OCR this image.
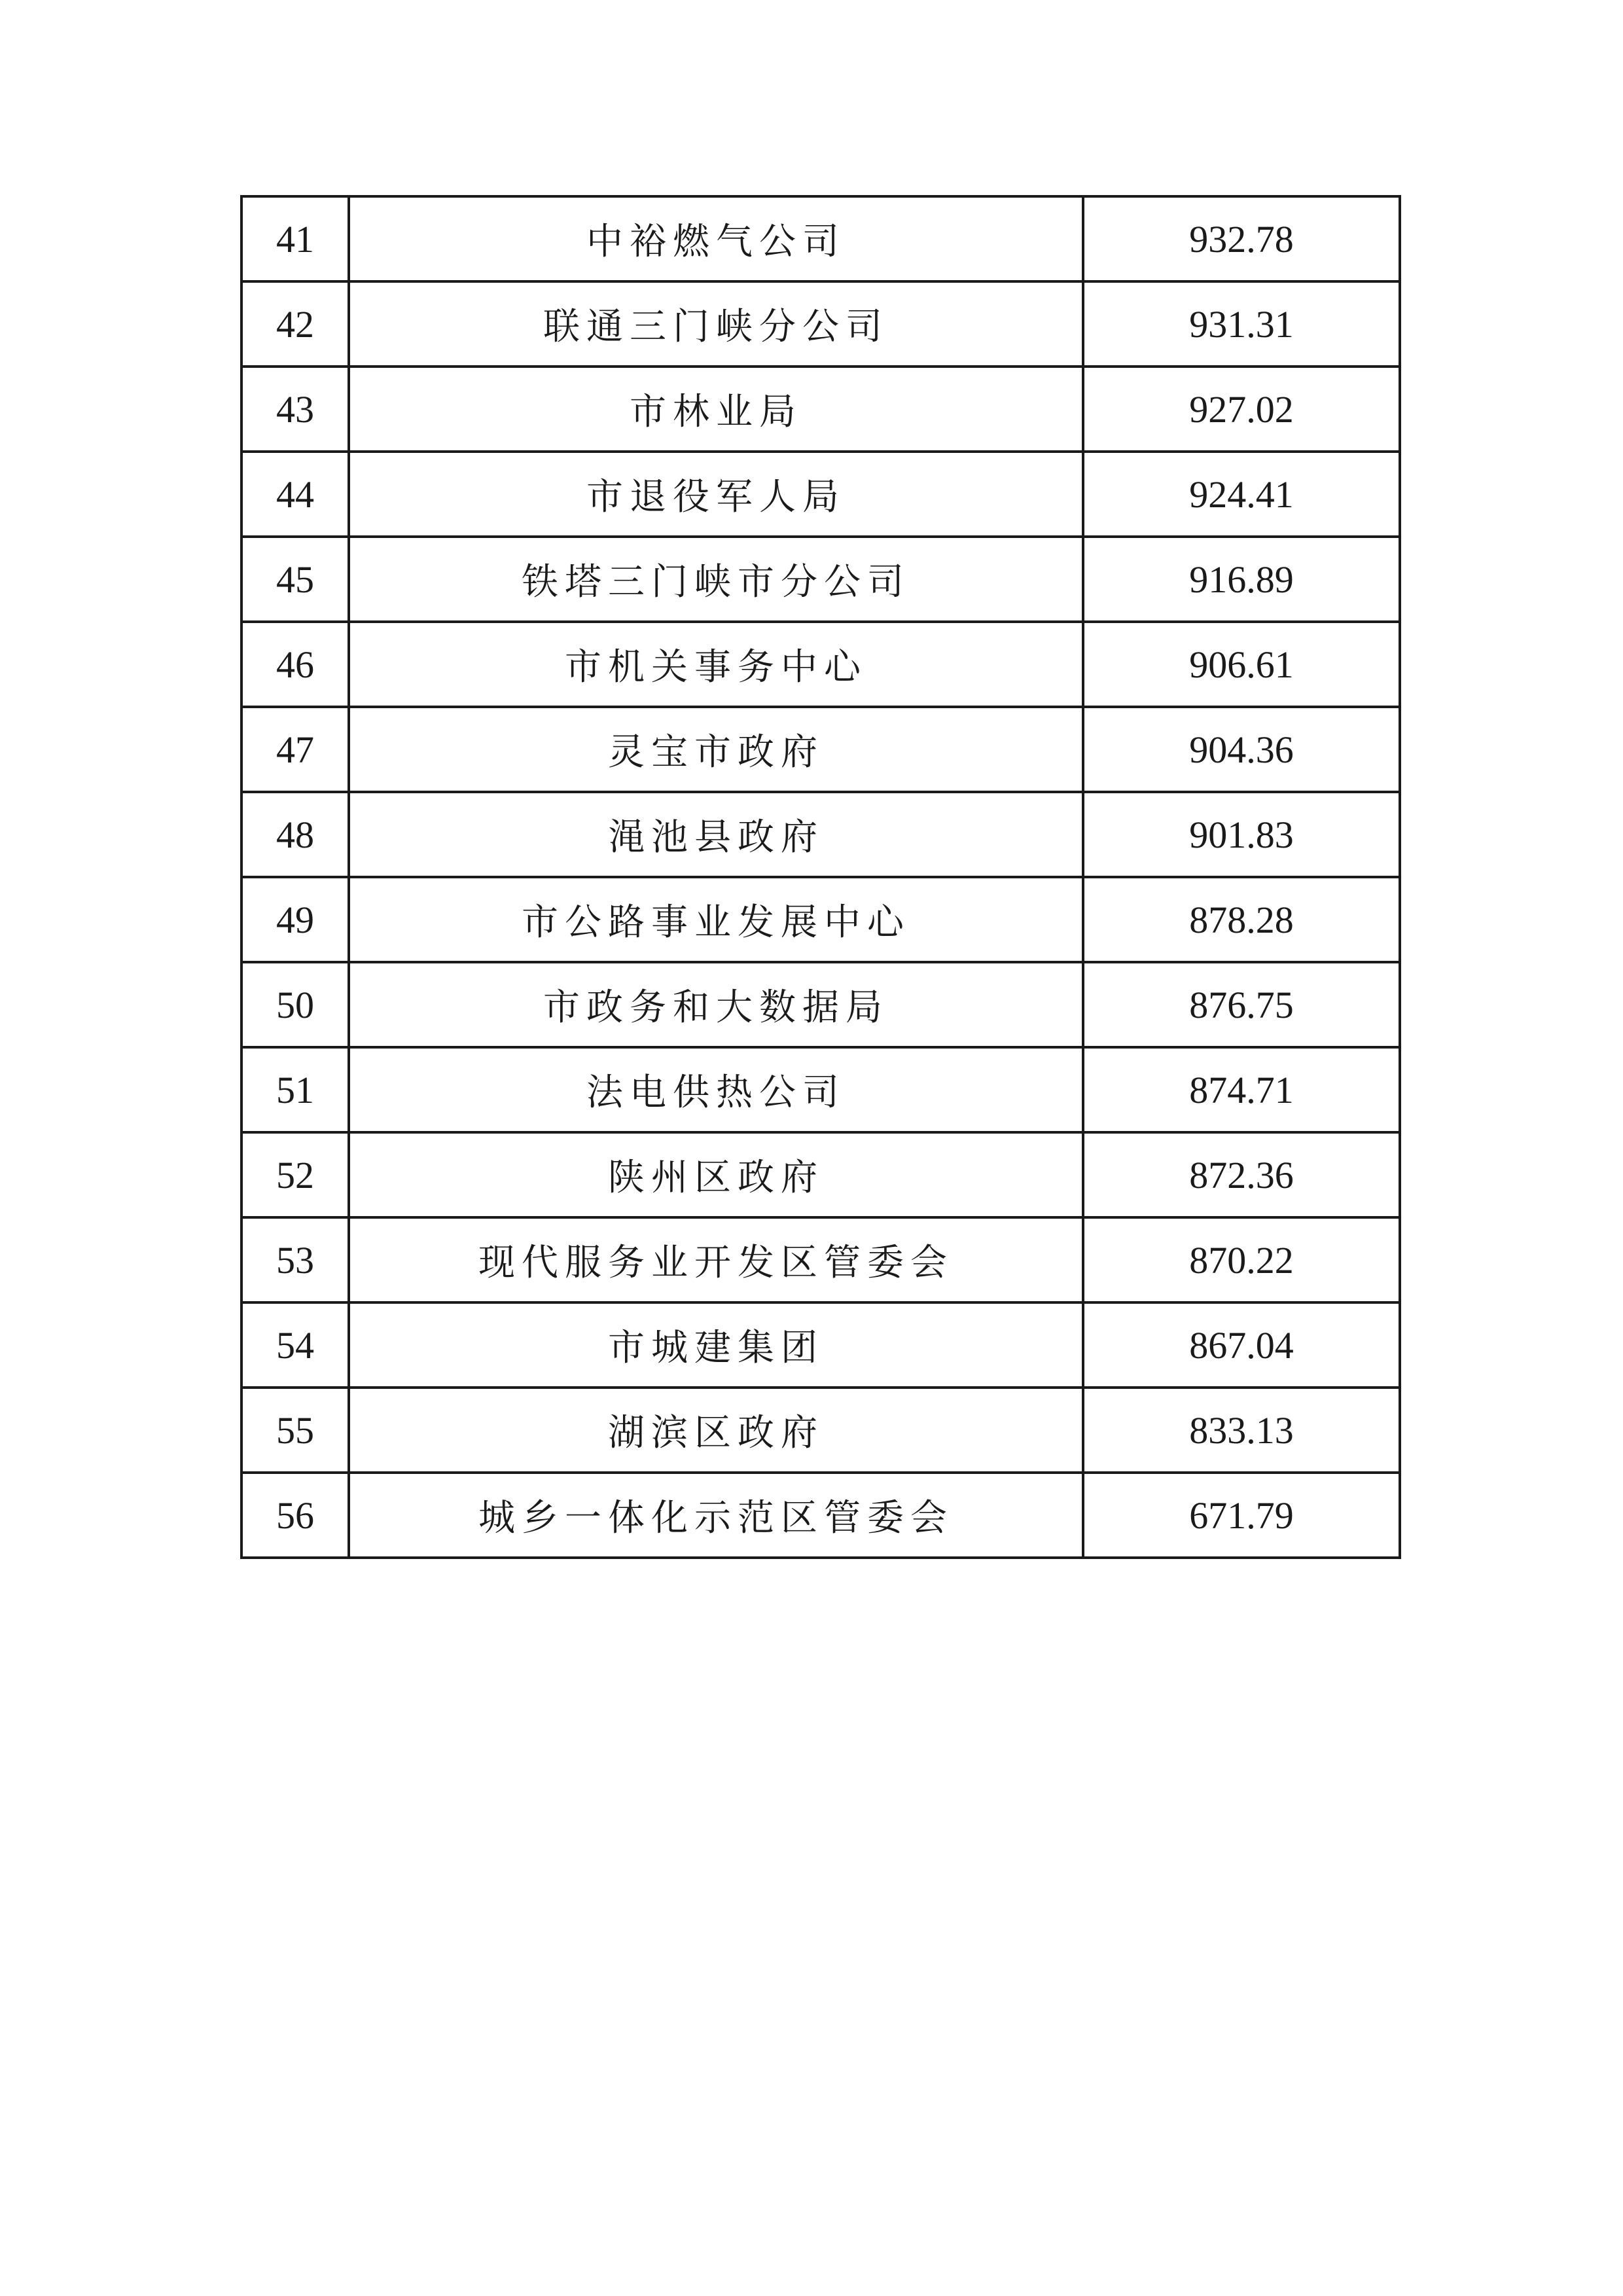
41	中裕燃气公司	932.78
42	联通三门峡分公司	931.31
43	市林业局	927.02
44	市退役军人局	924.41
45	铁塔三门峡市分公司	916.89
46	市机关事务中心	906.61
47	灵宝市政府	904.36
48	渑池县政府	901.83
49	市公路事业发展中心	878.28
50	市政务和大数据局	876.75
51	法电供热公司	874.71
52	陕州区政府	872.36
53	现代服务业开发区管委会	870.22
54	市城建集团	867.04
55	湖滨区政府	833.13
56	城乡一体化示范区管委会	671.79
